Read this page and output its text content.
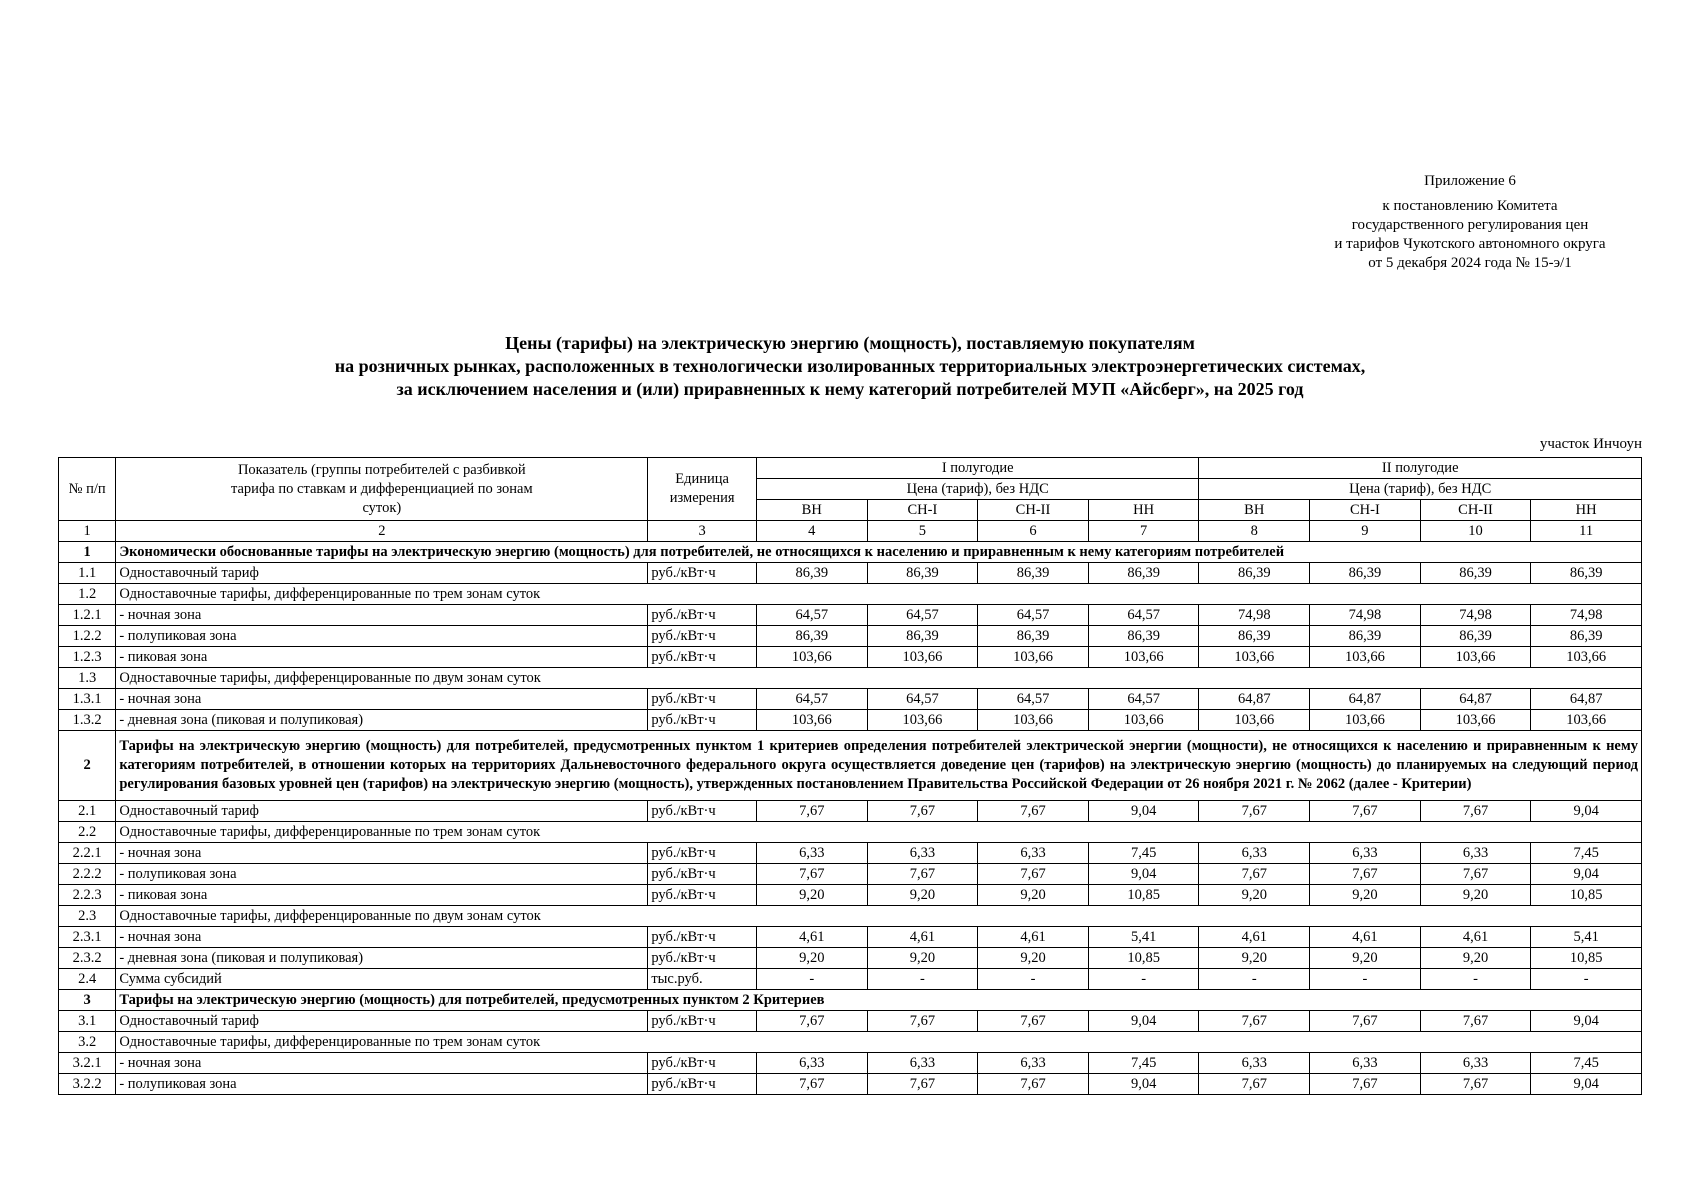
Приложение 6
к постановлению Комитета
государственного регулирования цен
и тарифов Чукотского автономного округа
от 5 декабря 2024 года № 15-э/1
Цены (тарифы) на электрическую энергию (мощность), поставляемую покупателям
на розничных рынках, расположенных в технологически изолированных территориальных электроэнергетических системах,
за исключением населения и (или) приравненных к нему категорий потребителей МУП «Айсберг», на 2025 год
участок Инчоун
№ п/п	Показатель (группы потребителей с разбивкой тарифа по ставкам и дифференциацией по зонам суток)	Единица измерения	I полугодие				II полугодие			
			Цена (тариф), без НДС				Цена (тариф), без НДС			
			ВН	СН-I	СН-II	НН	ВН	СН-I	СН-II	НН
1	2	3	4	5	6	7	8	9	10	11
1	Экономически обоснованные тарифы на электрическую энергию (мощность) для потребителей, не относящихся к населению и приравненным к нему категориям потребителей									
1.1	Одноставочный тариф	руб./кВт·ч	86,39	86,39	86,39	86,39	86,39	86,39	86,39	86,39
1.2	Одноставочные тарифы, дифференцированные по трем зонам суток									
1.2.1	- ночная зона	руб./кВт·ч	64,57	64,57	64,57	64,57	74,98	74,98	74,98	74,98
1.2.2	- полупиковая зона	руб./кВт·ч	86,39	86,39	86,39	86,39	86,39	86,39	86,39	86,39
1.2.3	- пиковая зона	руб./кВт·ч	103,66	103,66	103,66	103,66	103,66	103,66	103,66	103,66
1.3	Одноставочные тарифы, дифференцированные по двум зонам суток									
1.3.1	- ночная зона	руб./кВт·ч	64,57	64,57	64,57	64,57	64,87	64,87	64,87	64,87
1.3.2	- дневная зона (пиковая и полупиковая)	руб./кВт·ч	103,66	103,66	103,66	103,66	103,66	103,66	103,66	103,66
2	Тарифы на электрическую энергию (мощность) для потребителей, предусмотренных пунктом 1 критериев определения потребителей электрической энергии (мощности), не относящихся к населению и приравненным к нему категориям потребителей, в отношении которых на территориях Дальневосточного федерального округа осуществляется доведение цен (тарифов) на электрическую энергию (мощность) до планируемых на следующий период регулирования базовых уровней цен (тарифов) на электрическую энергию (мощность), утвержденных постановлением Правительства Российской Федерации от 26 ноября 2021 г. № 2062 (далее - Критерии)									
2.1	Одноставочный тариф	руб./кВт·ч	7,67	7,67	7,67	9,04	7,67	7,67	7,67	9,04
2.2	Одноставочные тарифы, дифференцированные по трем зонам суток									
2.2.1	- ночная зона	руб./кВт·ч	6,33	6,33	6,33	7,45	6,33	6,33	6,33	7,45
2.2.2	- полупиковая зона	руб./кВт·ч	7,67	7,67	7,67	9,04	7,67	7,67	7,67	9,04
2.2.3	- пиковая зона	руб./кВт·ч	9,20	9,20	9,20	10,85	9,20	9,20	9,20	10,85
2.3	Одноставочные тарифы, дифференцированные по двум зонам суток									
2.3.1	- ночная зона	руб./кВт·ч	4,61	4,61	4,61	5,41	4,61	4,61	4,61	5,41
2.3.2	- дневная зона (пиковая и полупиковая)	руб./кВт·ч	9,20	9,20	9,20	10,85	9,20	9,20	9,20	10,85
2.4	Сумма субсидий	тыс.руб.	-	-	-	-	-	-	-	-
3	Тарифы на электрическую энергию (мощность) для потребителей, предусмотренных пунктом 2 Критериев									
3.1	Одноставочный тариф	руб./кВт·ч	7,67	7,67	7,67	9,04	7,67	7,67	7,67	9,04
3.2	Одноставочные тарифы, дифференцированные по трем зонам суток									
3.2.1	- ночная зона	руб./кВт·ч	6,33	6,33	6,33	7,45	6,33	6,33	6,33	7,45
3.2.2	- полупиковая зона	руб./кВт·ч	7,67	7,67	7,67	9,04	7,67	7,67	7,67	9,04
